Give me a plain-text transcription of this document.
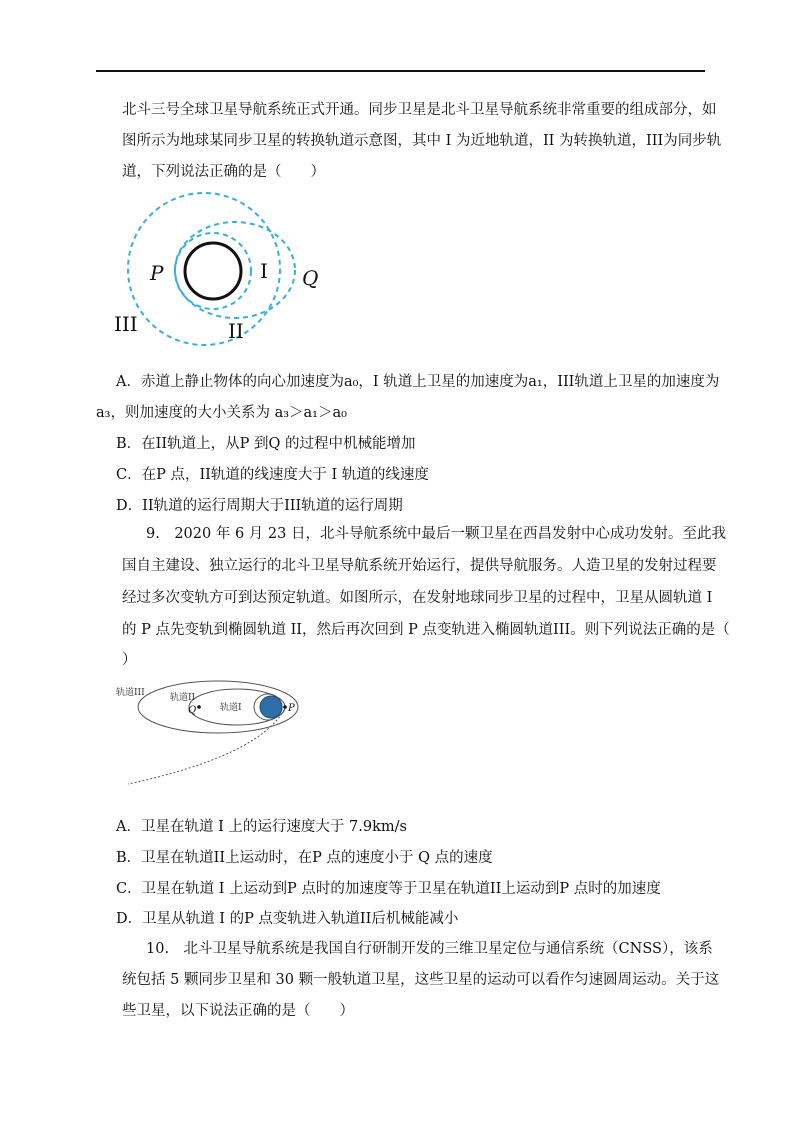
北斗三号全球卫星导航系统正式开通。同步卫星是北斗卫星导航系统非常重要的组成部分，如
图所示为地球某同步卫星的转换轨道示意图，其中 I 为近地轨道，II 为转换轨道，III为同步轨
道，下列说法正确的是（　　）
P	I Q
III	II
A．赤道上静止物体的向心加速度为a₀，I 轨道上卫星的加速度为a₁，III轨道上卫星的加速度为
a₃，则加速度的大小关系为 a₃＞a₁＞a₀
B．在II轨道上，从P 到Q 的过程中机械能增加
C．在P 点，II轨道的线速度大于 I 轨道的线速度
D．II轨道的运行周期大于III轨道的运行周期
9.　2020 年 6 月 23 日，北斗导航系统中最后一颗卫星在西昌发射中心成功发射。至此我
国自主建设、独立运行的北斗卫星导航系统开始运行，提供导航服务。人造卫星的发射过程要
经过多次变轨方可到达预定轨道。如图所示，在发射地球同步卫星的过程中，卫星从圆轨道 I
的 P 点先变轨到椭圆轨道 II，然后再次回到 P 点变轨进入椭圆轨道III。则下列说法正确的是（
）
轨道III	轨道II
轨道I
Q	P
A．卫星在轨道 I 上的运行速度大于 7.9km/s
B．卫星在轨道II上运动时，在P 点的速度小于 Q 点的速度
C．卫星在轨道 I 上运动到P 点时的加速度等于卫星在轨道II上运动到P 点时的加速度
D．卫星从轨道 I 的P 点变轨进入轨道II后机械能减小
10.　北斗卫星导航系统是我国自行研制开发的三维卫星定位与通信系统（CNSS），该系
统包括 5 颗同步卫星和 30 颗一般轨道卫星，这些卫星的运动可以看作匀速圆周运动。关于这
些卫星，以下说法正确的是（　　）
